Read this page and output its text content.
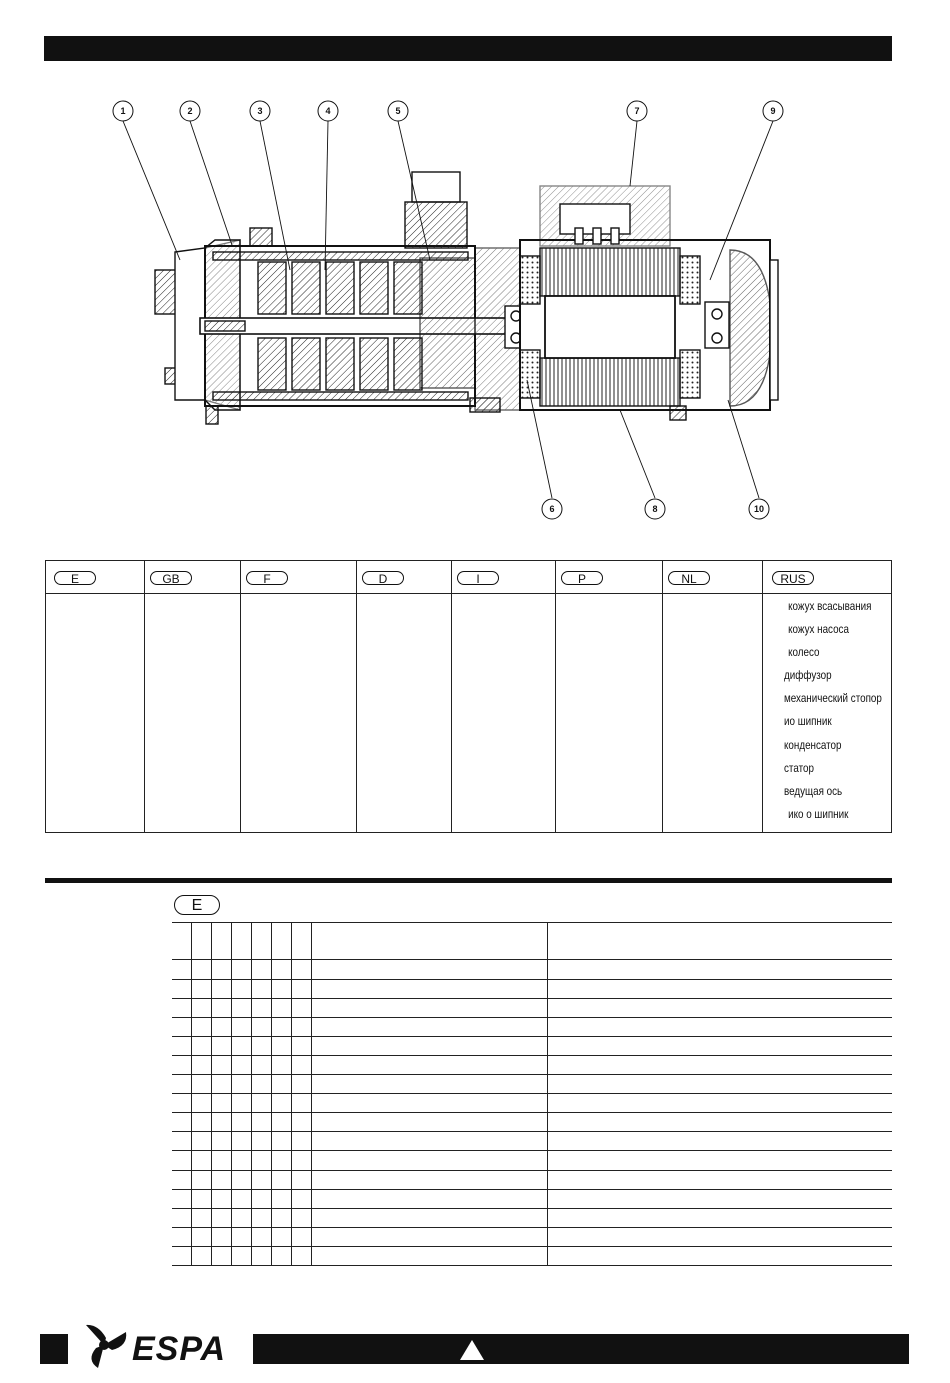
1	2	3	4	5	7	9
6	8	10
E	GB	F	D	I	P	NL	RUS
кожух всасывания
кожух насоса
колесо
диффузор
механический стопор
ио шипник
конденсатор
статор
ведущая ось
ико о шипник
E
ESPA
